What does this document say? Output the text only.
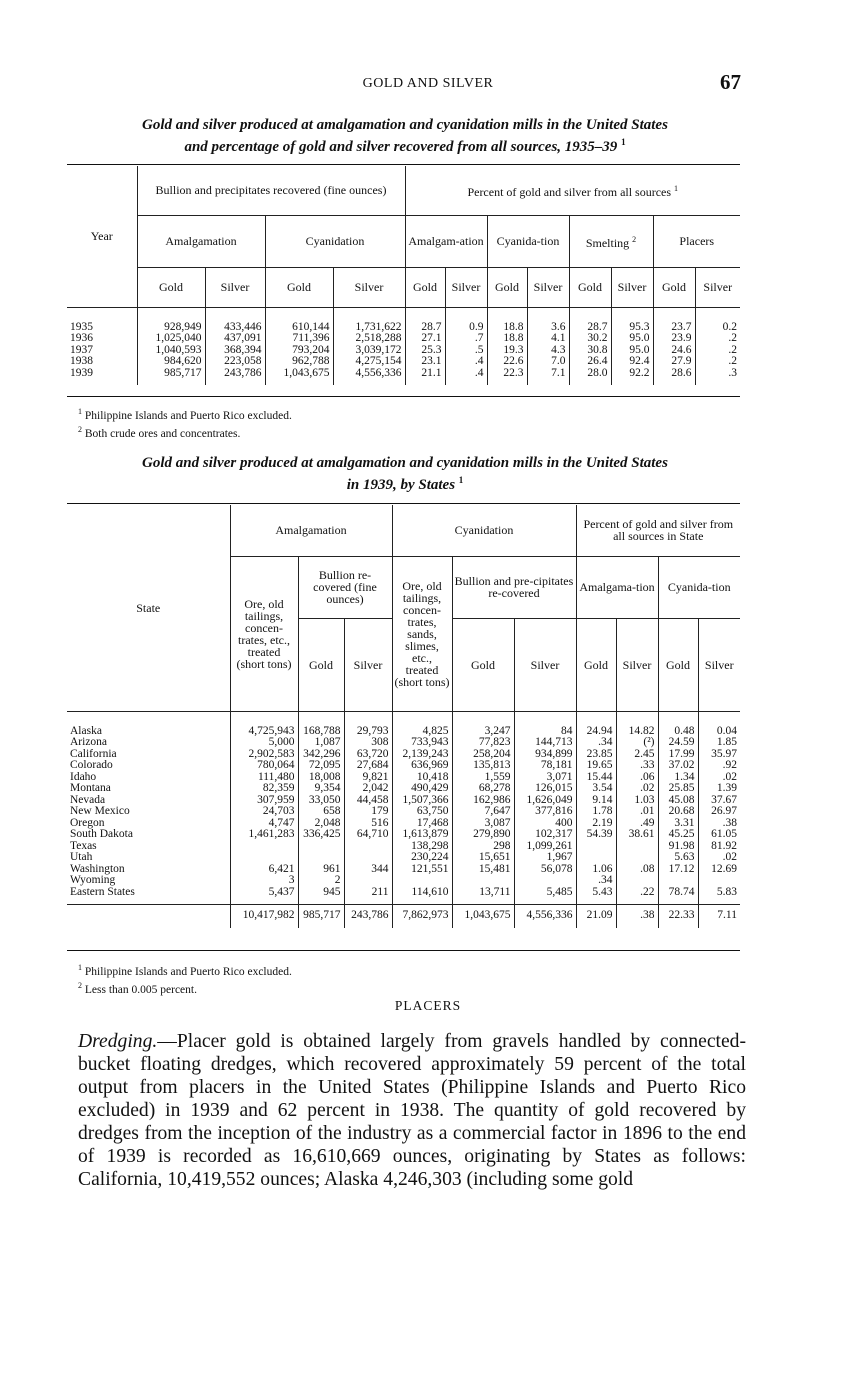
GOLD AND SILVER	67
Gold and silver produced at amalgamation and cyanidation mills in the United States
and percentage of gold and silver recovered from all sources, 1935–39 $^1$
Year	Bullion and precipitates recovered (fine ounces)				Percent of gold and silver from all sources $^1$
	Amalgamation		Cyanidation		Amalgam-ation		Cyanida-tion		Smelting $^2$		Placers	
	Gold	Silver	Gold	Silver	Gold	Silver	Gold	Silver	Gold	Silver	Gold	Silver
1935	928,949	433,446	610,144	1,731,622	28.7	0.9	18.8	3.6	28.7	95.3	23.7	0.2
1936	1,025,040	437,091	711,396	2,518,288	27.1	.7	18.8	4.1	30.2	95.0	23.9	.2
1937	1,040,593	368,394	793,204	3,039,172	25.3	.5	19.3	4.3	30.8	95.0	24.6	.2
1938	984,620	223,058	962,788	4,275,154	23.1	.4	22.6	7.0	26.4	92.4	27.9	.2
1939	985,717	243,786	1,043,675	4,556,336	21.1	.4	22.3	7.1	28.0	92.2	28.6	.3
$^1$ Philippine Islands and Puerto Rico excluded.
$^2$ Both crude ores and concentrates.
Gold and silver produced at amalgamation and cyanidation mills in the United States
in 1939, by States $^1$
State	Amalgamation			Cyanidation			Percent of gold and silver from all sources in State			
	Ore, old tailings, concen-trates, etc., treated (short tons)	Bullion re-covered (fine ounces)		Ore, old tailings, concen-trates, sands, slimes, etc., treated (short tons)	Bullion and pre-cipitates re-covered		Amalgama-tion		Cyanida-tion	
		Gold	Silver		Gold	Silver	Gold	Silver	Gold	Silver
Alaska	4,725,943	168,788	29,793	4,825	3,247	84	24.94	14.82	0.48	0.04
Arizona	5,000	1,087	308	733,943	77,823	144,713	.34	(²)	24.59	1.85
California	2,902,583	342,296	63,720	2,139,243	258,204	934,899	23.85	2.45	17.99	35.97
Colorado	780,064	72,095	27,684	636,969	135,813	78,181	19.65	.33	37.02	.92
Idaho	111,480	18,008	9,821	10,418	1,559	3,071	15.44	.06	1.34	.02
Montana	82,359	9,354	2,042	490,429	68,278	126,015	3.54	.02	25.85	1.39
Nevada	307,959	33,050	44,458	1,507,366	162,986	1,626,049	9.14	1.03	45.08	37.67
New Mexico	24,703	658	179	63,750	7,647	377,816	1.78	.01	20.68	26.97
Oregon	4,747	2,048	516	17,468	3,087	400	2.19	.49	3.31	.38
South Dakota	1,461,283	336,425	64,710	1,613,879	279,890	102,317	54.39	38.61	45.25	61.05
Texas				138,298	298	1,099,261			91.98	81.92
Utah				230,224	15,651	1,967			5.63	.02
Washington	6,421	961	344	121,551	15,481	56,078	1.06	.08	17.12	12.69
Wyoming	3	2					.34			
Eastern States	5,437	945	211	114,610	13,711	5,485	5.43	.22	78.74	5.83
	10,417,982	985,717	243,786	7,862,973	1,043,675	4,556,336	21.09	.38	22.33	7.11
$^1$ Philippine Islands and Puerto Rico excluded.
$^2$ Less than 0.005 percent.
PLACERS
Dredging.—Placer gold is obtained largely from gravels handled by connected-bucket floating dredges, which recovered approximately 59 percent of the total output from placers in the United States (Philippine Islands and Puerto Rico excluded) in 1939 and 62 percent in 1938. The quantity of gold recovered by dredges from the inception of the industry as a commercial factor in 1896 to the end of 1939 is recorded as 16,610,669 ounces, originating by States as follows: California, 10,419,552 ounces; Alaska 4,246,303 (including some gold
